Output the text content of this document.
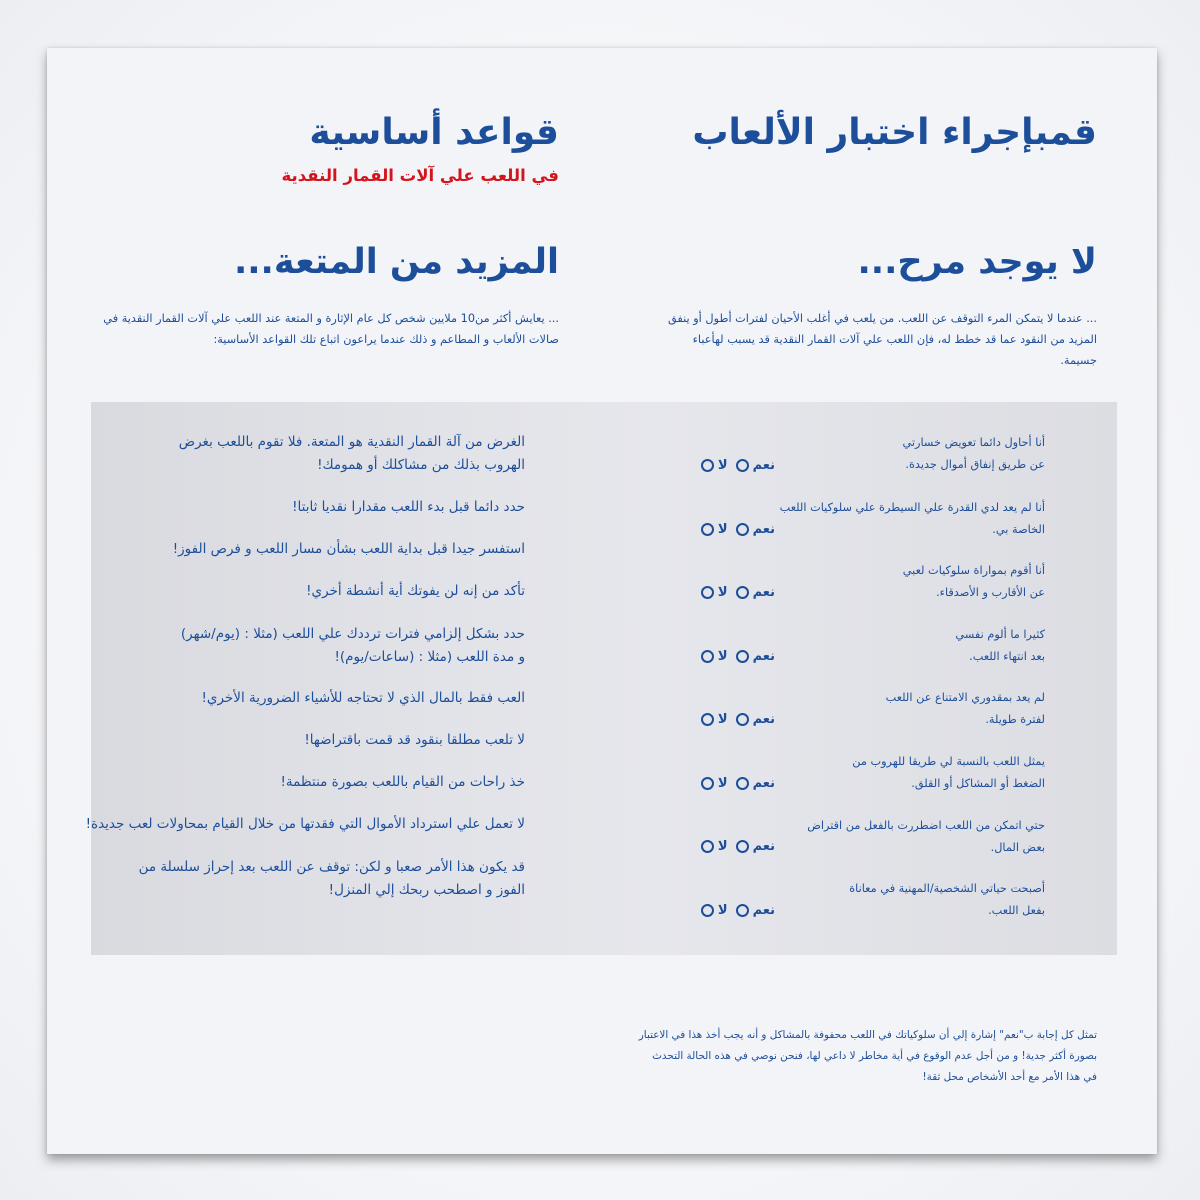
قمبإجراء اختبار الألعاب
قواعد أساسية
في اللعب علي آلات القمار النقدية
لا يوجد مرح...
المزيد من المتعة...
... عندما لا يتمكن المرء التوقف عن اللعب. من يلعب في أغلب الأحيان لفترات أطول أو ينفق المزيد من النقود عما قد خطط له، فإن اللعب علي آلات القمار النقدية قد يسبب لهأعباء جسيمة.
... يعايش أكثر من10 ملايين شخص كل عام الإثارة و المتعة عند اللعب علي آلات القمار النقدية في صالات الألعاب و المطاعم و ذلك عندما يراعون اتباع تلك القواعد الأساسية:
أنا أحاول دائما تعويض خسارتي
عن طريق إنفاق أموال جديدة.
أنا لم يعد لدي القدرة علي السيطرة علي سلوكيات اللعب
الخاصة بي.
أنا أقوم بمواراة سلوكيات لعبي
عن الأقارب و الأصدقاء.
كثيرا ما ألوم نفسي
بعد انتهاء اللعب.
لم يعد بمقدوري الامتناع عن اللعب
لفترة طويلة.
يمثل اللعب بالنسبة لي طريقا للهروب من
الضغط أو المشاكل أو القلق.
حتي اتمكن من اللعب اضطررت بالفعل من اقتراض
بعض المال.
أصبحت حياتي الشخصية/المهنية في معاناة
بفعل اللعب.
نعم
لا
نعم
لا
نعم
لا
نعم
لا
نعم
لا
نعم
لا
نعم
لا
نعم
لا
الغرض من آلة القمار النقدية هو المتعة. فلا تقوم باللعب بغرض
الهروب بذلك من مشاكلك أو همومك!
حدد دائما قبل بدء اللعب مقدارا نقديا ثابتا!
استفسر جيدا قبل بداية اللعب بشأن مسار اللعب و فرص الفوز!
تأكد من إنه لن يفوتك أية أنشطة أخري!
حدد بشكل إلزامي فترات ترددك علي اللعب (مثلا : (يوم/شهر)
و مدة اللعب (مثلا : (ساعات/يوم)!
العب فقط بالمال الذي لا تحتاجه للأشياء الضرورية الأخري!
لا تلعب مطلقا بنقود قد قمت باقتراضها!
خذ راحات من القيام باللعب بصورة منتظمة!
لا تعمل علي استرداد الأموال التي فقدتها من خلال القيام بمحاولات لعب جديدة!
قد يكون هذا الأمر صعبا و لكن: توقف عن اللعب بعد إحراز سلسلة من
الفوز و اصطحب ربحك إلي المنزل!
تمثل كل إجابة ب"نعم" إشارة إلي أن سلوكياتك في اللعب محفوفة بالمشاكل و أنه يجب أخذ هذا في الاعتبار بصورة أكثر جدية! و من أجل عدم الوقوع في أية مخاطر لا داعي لها، فنحن نوصي في هذه الحالة التحدث في هذا الأمر مع أحد الأشخاص محل ثقة!
